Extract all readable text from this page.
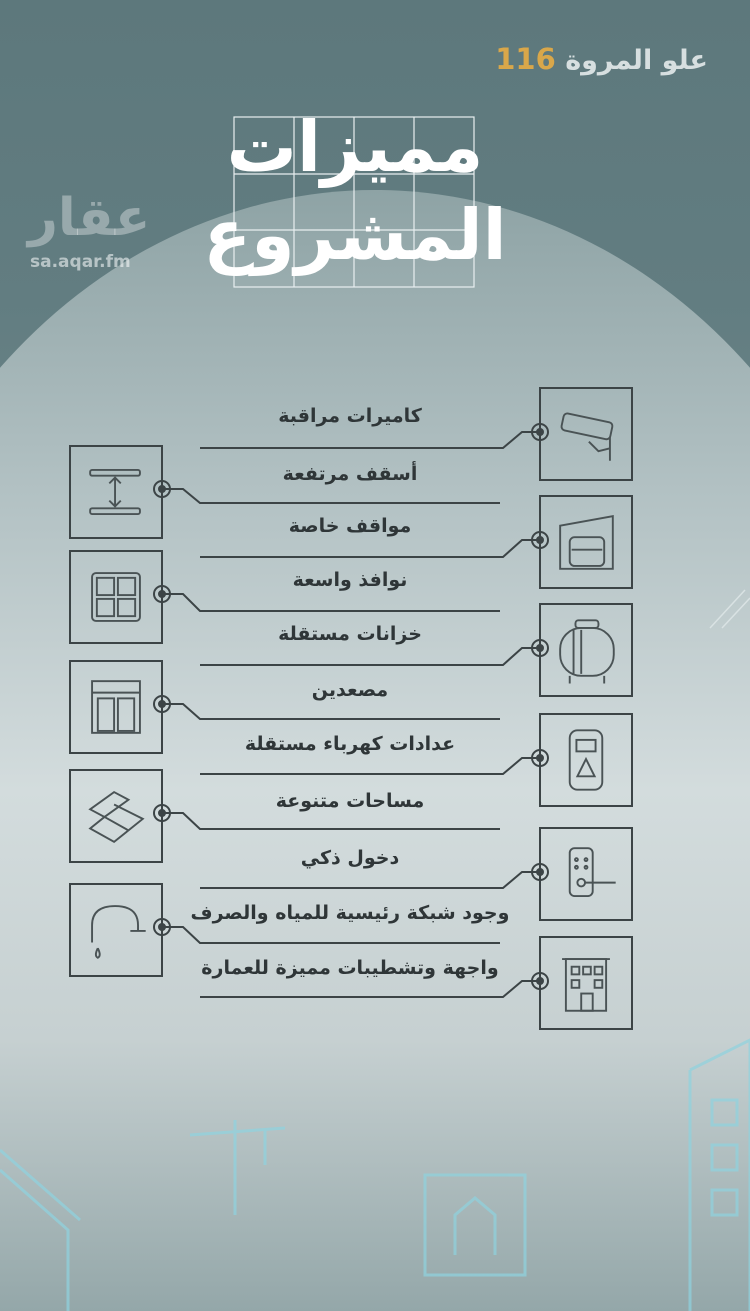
علو المروة 116
عقار
sa.aqar.fm
مميزات
المشروع
كاميرات مراقبة
أسقف مرتفعة
مواقف خاصة
نوافذ واسعة
خزانات مستقلة
مصعدين
عدادات كهرباء مستقلة
مساحات متنوعة
دخول ذكي
وجود شبكة رئيسية للمياه والصرف
واجهة وتشطيبات مميزة للعمارة
